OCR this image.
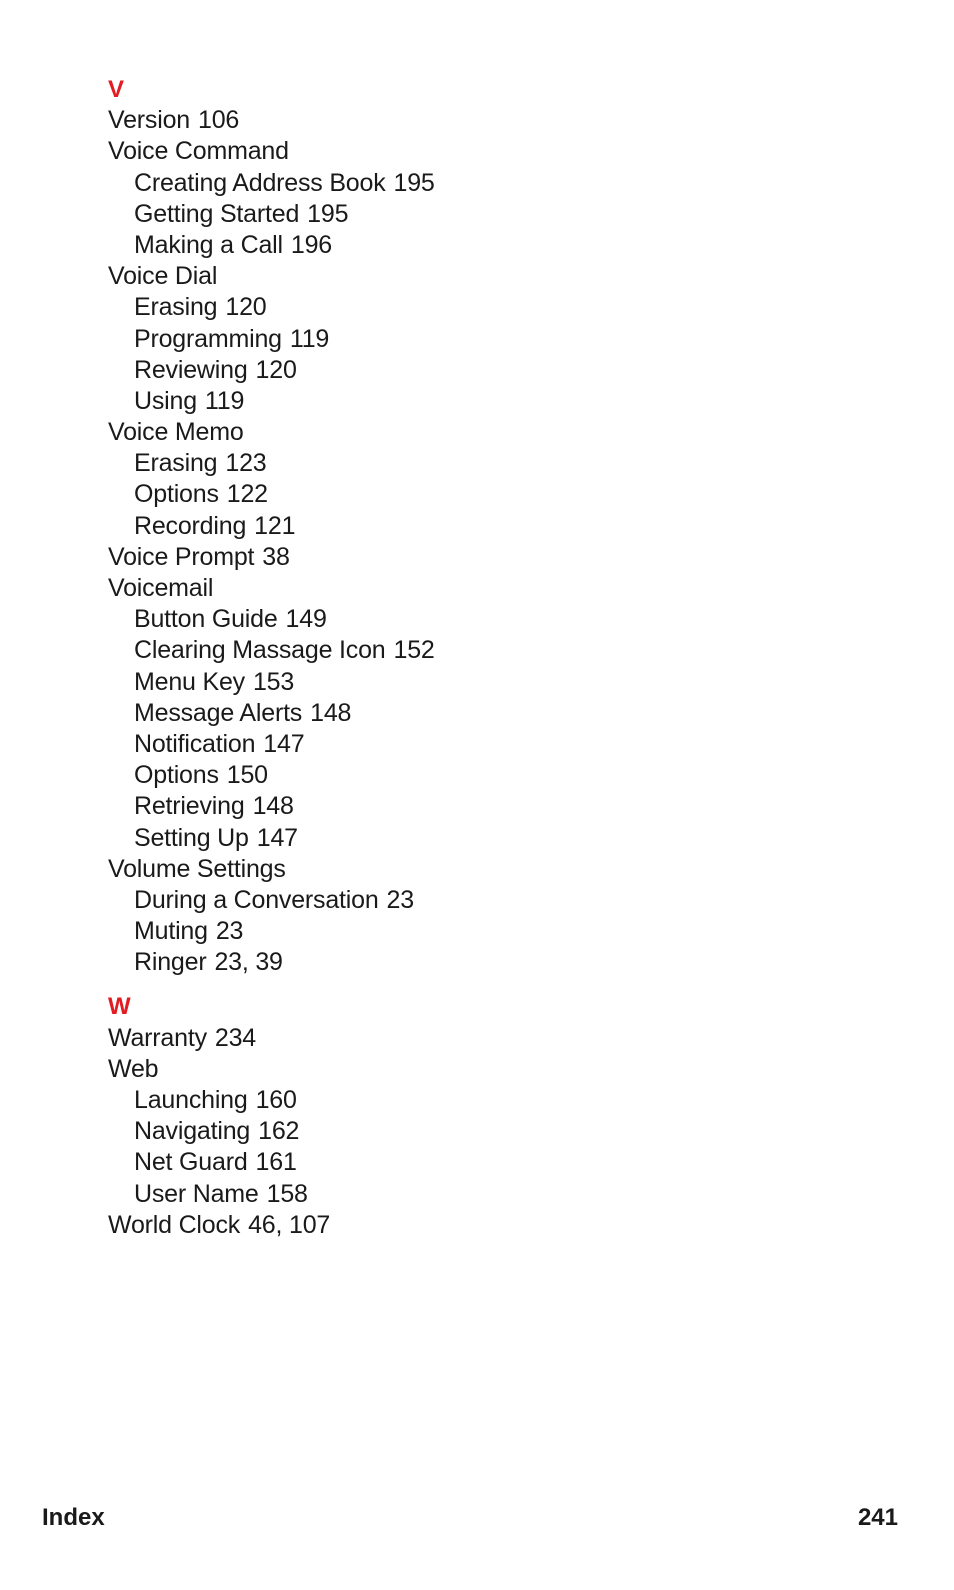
V
Version 106
Voice Command
Creating Address Book 195
Getting Started 195
Making a Call 196
Voice Dial
Erasing 120
Programming 119
Reviewing 120
Using 119
Voice Memo
Erasing 123
Options 122
Recording 121
Voice Prompt 38
Voicemail
Button Guide 149
Clearing Massage Icon 152
Menu Key 153
Message Alerts 148
Notification 147
Options 150
Retrieving 148
Setting Up 147
Volume Settings
During a Conversation 23
Muting 23
Ringer 23, 39
W
Warranty 234
Web
Launching 160
Navigating 162
Net Guard 161
User Name 158
World Clock 46, 107
Index	241
